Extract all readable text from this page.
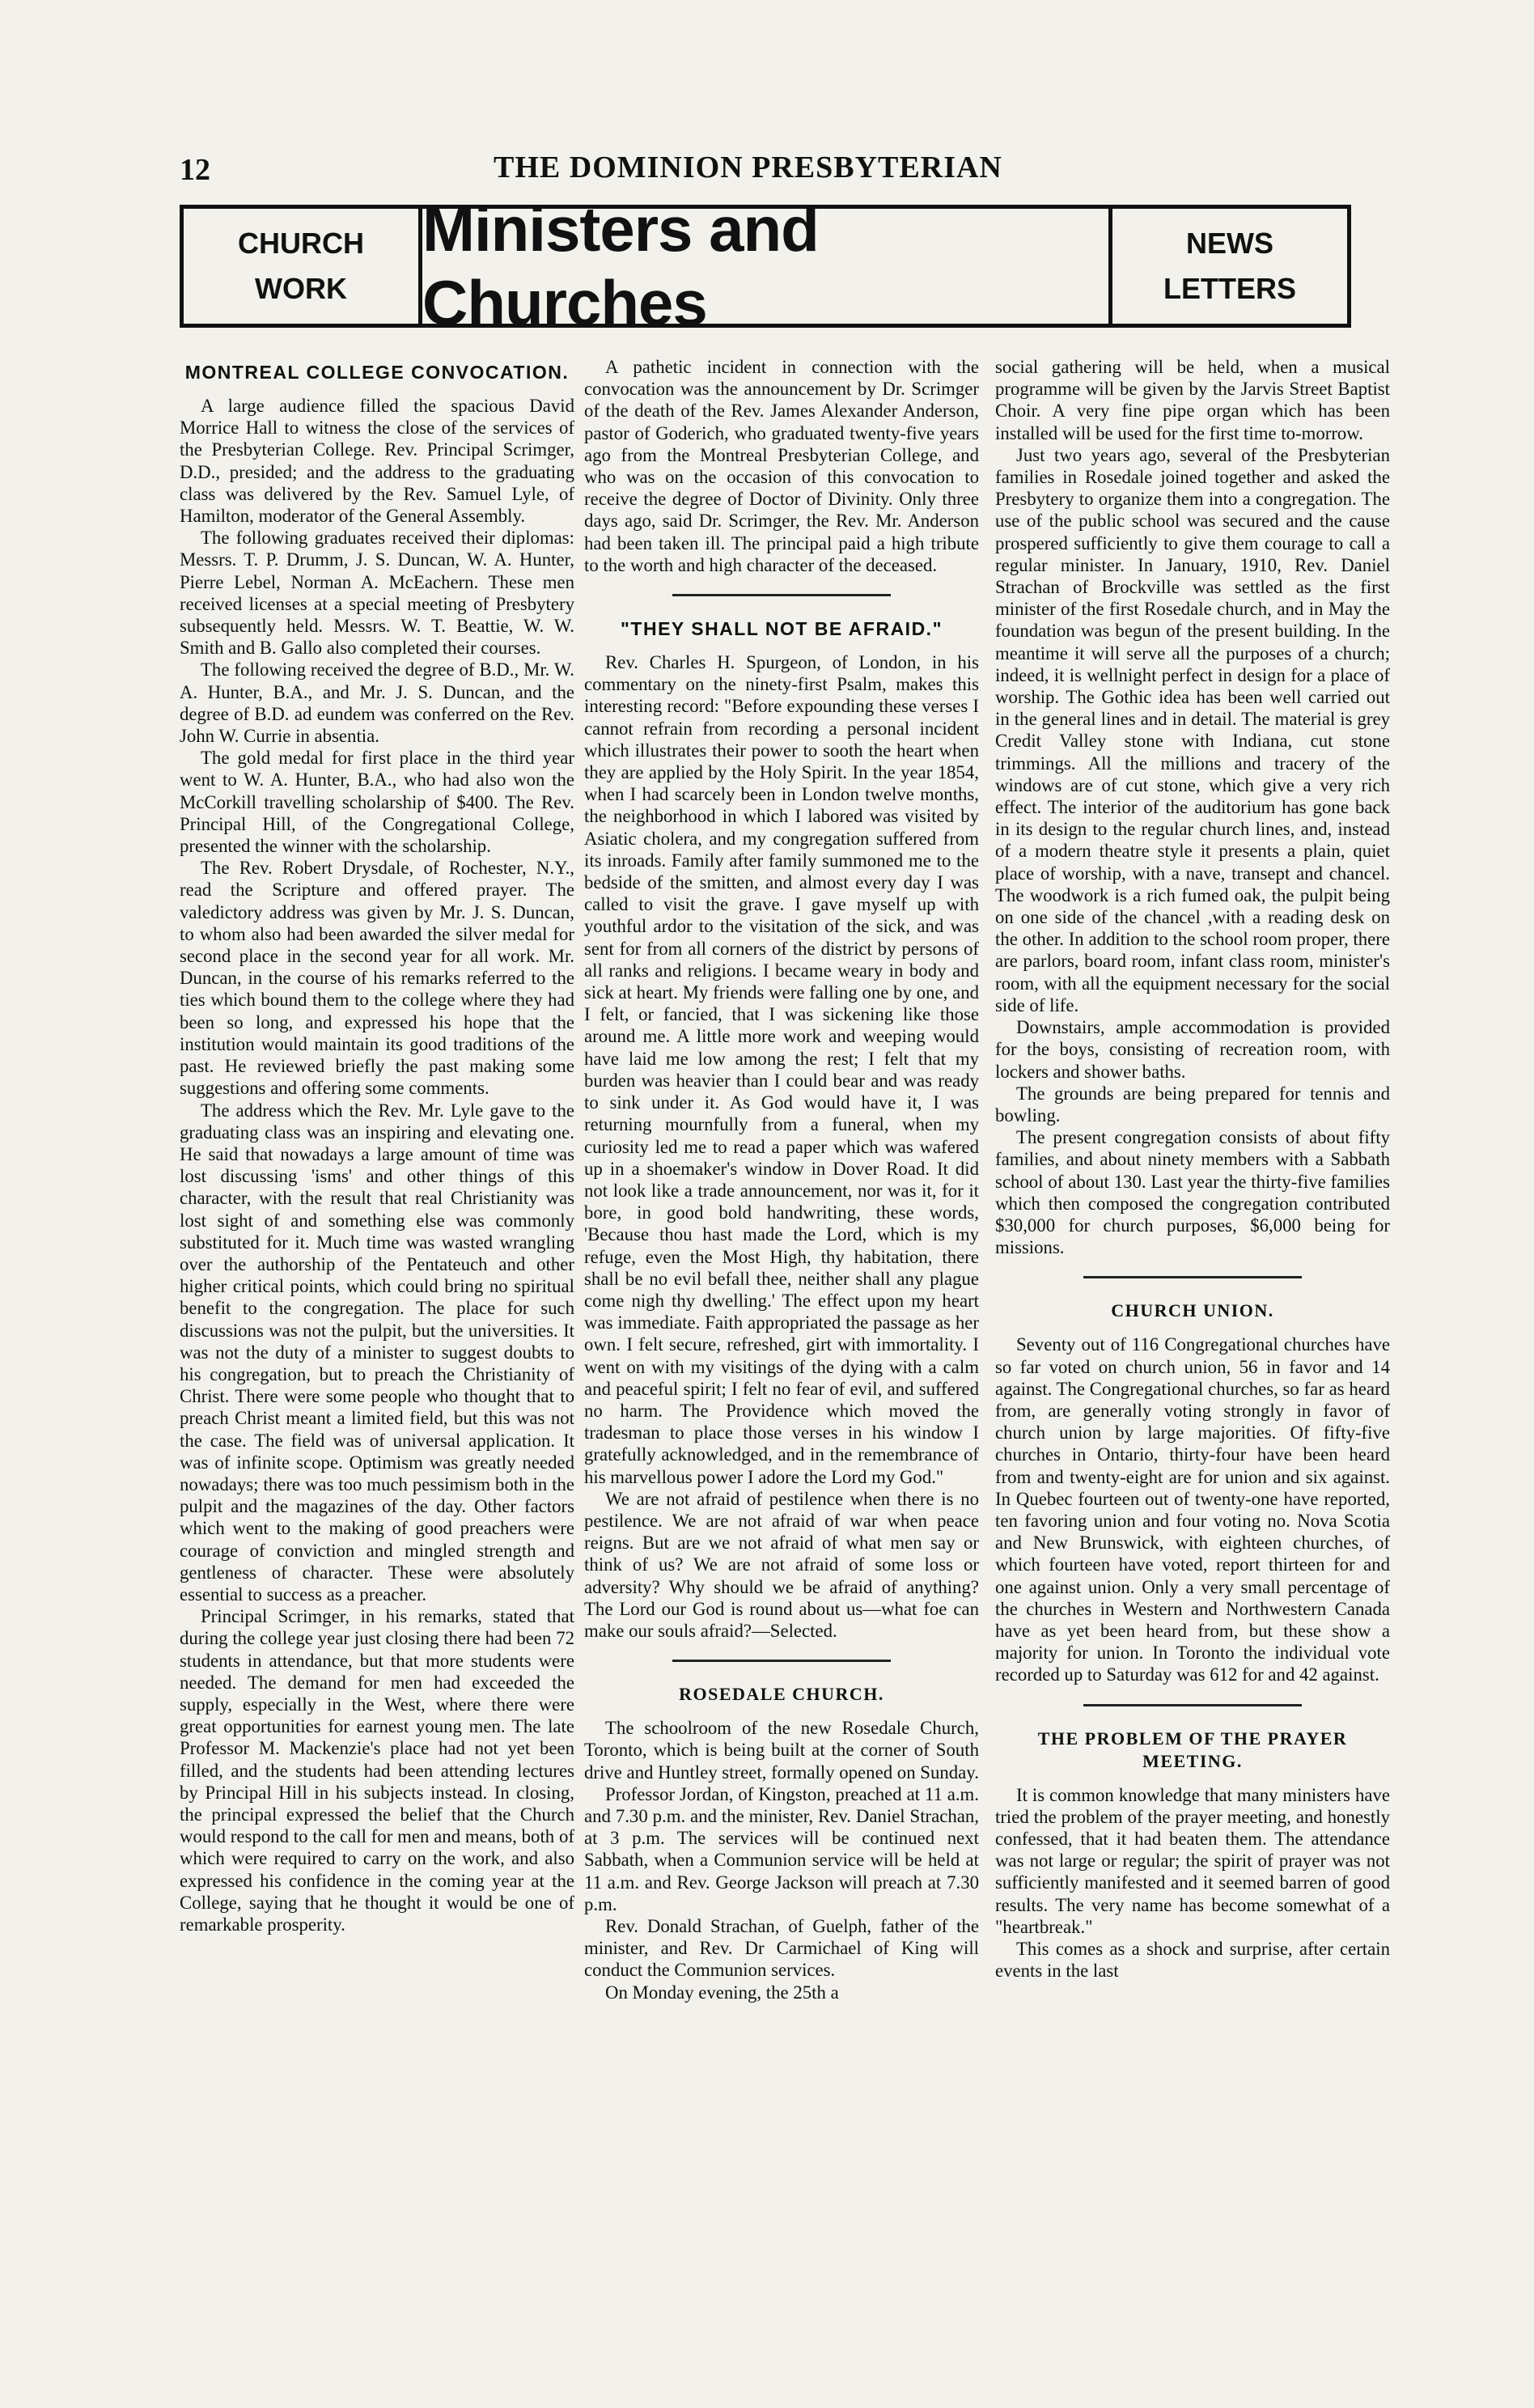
12	THE DOMINION PRESBYTERIAN
CHURCH
WORK
Ministers and Churches
NEWS
LETTERS
MONTREAL COLLEGE CONVOCATION.

A large audience filled the spacious David Morrice Hall to witness the close of the services of the Presbyterian College. Rev. Principal Scrimger, D.D., presided; and the address to the graduating class was delivered by the Rev. Samuel Lyle, of Hamilton, moderator of the General Assembly.

The following graduates received their diplomas: Messrs. T. P. Drumm, J. S. Duncan, W. A. Hunter, Pierre Lebel, Norman A. McEachern. These men received licenses at a special meeting of Presbytery subsequently held. Messrs. W. T. Beattie, W. W. Smith and B. Gallo also completed their courses.

The following received the degree of B.D., Mr. W. A. Hunter, B.A., and Mr. J. S. Duncan, and the degree of B.D. ad eundem was conferred on the Rev. John W. Currie in absentia.

The gold medal for first place in the third year went to W. A. Hunter, B.A., who had also won the McCorkill travelling scholarship of $400. The Rev. Principal Hill, of the Congregational College, presented the winner with the scholarship.

The Rev. Robert Drysdale, of Rochester, N.Y., read the Scripture and offered prayer. The valedictory address was given by Mr. J. S. Duncan, to whom also had been awarded the silver medal for second place in the second year for all work. Mr. Duncan, in the course of his remarks referred to the ties which bound them to the college where they had been so long, and expressed his hope that the institution would maintain its good traditions of the past. He reviewed briefly the past making some suggestions and offering some comments.

The address which the Rev. Mr. Lyle gave to the graduating class was an inspiring and elevating one. He said that nowadays a large amount of time was lost discussing 'isms' and other things of this character, with the result that real Christianity was lost sight of and something else was commonly substituted for it. Much time was wasted wrangling over the authorship of the Pentateuch and other higher critical points, which could bring no spiritual benefit to the congregation. The place for such discussions was not the pulpit, but the universities. It was not the duty of a minister to suggest doubts to his congregation, but to preach the Christianity of Christ. There were some people who thought that to preach Christ meant a limited field, but this was not the case. The field was of universal application. It was of infinite scope. Optimism was greatly needed nowadays; there was too much pessimism both in the pulpit and the magazines of the day. Other factors which went to the making of good preachers were courage of conviction and mingled strength and gentleness of character. These were absolutely essential to success as a preacher.

Principal Scrimger, in his remarks, stated that during the college year just closing there had been 72 students in attendance, but that more students were needed. The demand for men had exceeded the supply, especially in the West, where there were great opportunities for earnest young men. The late Professor M. Mackenzie's place had not yet been filled, and the students had been attending lectures by Principal Hill in his subjects instead. In closing, the principal expressed the belief that the Church would respond to the call for men and means, both of which were required to carry on the work, and also expressed his confidence in the coming year at the College, saying that he thought it would be one of remarkable prosperity.

A pathetic incident in connection with the convocation was the announcement by Dr. Scrimger of the death of the Rev. James Alexander Anderson, pastor of Goderich, who graduated twenty-five years ago from the Montreal Presbyterian College, and who was on the occasion of this convocation to receive the degree of Doctor of Divinity. Only three days ago, said Dr. Scrimger, the Rev. Mr. Anderson had been taken ill. The principal paid a high tribute to the worth and high character of the deceased.

"THEY SHALL NOT BE AFRAID."

Rev. Charles H. Spurgeon, of London, in his commentary on the ninety-first Psalm, makes this interesting record: "Before expounding these verses I cannot refrain from recording a personal incident which illustrates their power to sooth the heart when they are applied by the Holy Spirit. In the year 1854, when I had scarcely been in London twelve months, the neighborhood in which I labored was visited by Asiatic cholera, and my congregation suffered from its inroads. Family after family summoned me to the bedside of the smitten, and almost every day I was called to visit the grave. I gave myself up with youthful ardor to the visitation of the sick, and was sent for from all corners of the district by persons of all ranks and religions. I became weary in body and sick at heart. My friends were falling one by one, and I felt, or fancied, that I was sickening like those around me. A little more work and weeping would have laid me low among the rest; I felt that my burden was heavier than I could bear and was ready to sink under it. As God would have it, I was returning mournfully from a funeral, when my curiosity led me to read a paper which was wafered up in a shoemaker's window in Dover Road. It did not look like a trade announcement, nor was it, for it bore, in good bold handwriting, these words, 'Because thou hast made the Lord, which is my refuge, even the Most High, thy habitation, there shall be no evil befall thee, neither shall any plague come nigh thy dwelling.' The effect upon my heart was immediate. Faith appropriated the passage as her own. I felt secure, refreshed, girt with immortality. I went on with my visitings of the dying with a calm and peaceful spirit; I felt no fear of evil, and suffered no harm. The Providence which moved the tradesman to place those verses in his window I gratefully acknowledged, and in the remembrance of his marvellous power I adore the Lord my God."

We are not afraid of pestilence when there is no pestilence. We are not afraid of war when peace reigns. But are we not afraid of what men say or think of us? We are not afraid of some loss or adversity? Why should we be afraid of anything? The Lord our God is round about us—what foe can make our souls afraid?—Selected.

ROSEDALE CHURCH.

The schoolroom of the new Rosedale Church, Toronto, which is being built at the corner of South drive and Huntley street, formally opened on Sunday.

Professor Jordan, of Kingston, preached at 11 a.m. and 7.30 p.m. and the minister, Rev. Daniel Strachan, at 3 p.m. The services will be continued next Sabbath, when a Communion service will be held at 11 a.m. and Rev. George Jackson will preach at 7.30 p.m.

Rev. Donald Strachan, of Guelph, father of the minister, and Rev. Dr Carmichael of King will conduct the Communion services.

On Monday evening, the 25th a

social gathering will be held, when a musical programme will be given by the Jarvis Street Baptist Choir. A very fine pipe organ which has been installed will be used for the first time to-morrow.

Just two years ago, several of the Presbyterian families in Rosedale joined together and asked the Presbytery to organize them into a congregation. The use of the public school was secured and the cause prospered sufficiently to give them courage to call a regular minister. In January, 1910, Rev. Daniel Strachan of Brockville was settled as the first minister of the first Rosedale church, and in May the foundation was begun of the present building. In the meantime it will serve all the purposes of a church; indeed, it is wellnight perfect in design for a place of worship. The Gothic idea has been well carried out in the general lines and in detail. The material is grey Credit Valley stone with Indiana, cut stone trimmings. All the millions and tracery of the windows are of cut stone, which give a very rich effect. The interior of the auditorium has gone back in its design to the regular church lines, and, instead of a modern theatre style it presents a plain, quiet place of worship, with a nave, transept and chancel. The woodwork is a rich fumed oak, the pulpit being on one side of the chancel ,with a reading desk on the other. In addition to the school room proper, there are parlors, board room, infant class room, minister's room, with all the equipment necessary for the social side of life.

Downstairs, ample accommodation is provided for the boys, consisting of recreation room, with lockers and shower baths.

The grounds are being prepared for tennis and bowling.

The present congregation consists of about fifty families, and about ninety members with a Sabbath school of about 130. Last year the thirty-five families which then composed the congregation contributed $30,000 for church purposes, $6,000 being for missions.

CHURCH UNION.

Seventy out of 116 Congregational churches have so far voted on church union, 56 in favor and 14 against. The Congregational churches, so far as heard from, are generally voting strongly in favor of church union by large majorities. Of fifty-five churches in Ontario, thirty-four have been heard from and twenty-eight are for union and six against. In Quebec fourteen out of twenty-one have reported, ten favoring union and four voting no. Nova Scotia and New Brunswick, with eighteen churches, of which fourteen have voted, report thirteen for and one against union. Only a very small percentage of the churches in Western and Northwestern Canada have as yet been heard from, but these show a majority for union. In Toronto the individual vote recorded up to Saturday was 612 for and 42 against.

THE PROBLEM OF THE PRAYER MEETING.

It is common knowledge that many ministers have tried the problem of the prayer meeting, and honestly confessed, that it had beaten them. The attendance was not large or regular; the spirit of prayer was not sufficiently manifested and it seemed barren of good results. The very name has become somewhat of a "heartbreak."

This comes as a shock and surprise, after certain events in the last
